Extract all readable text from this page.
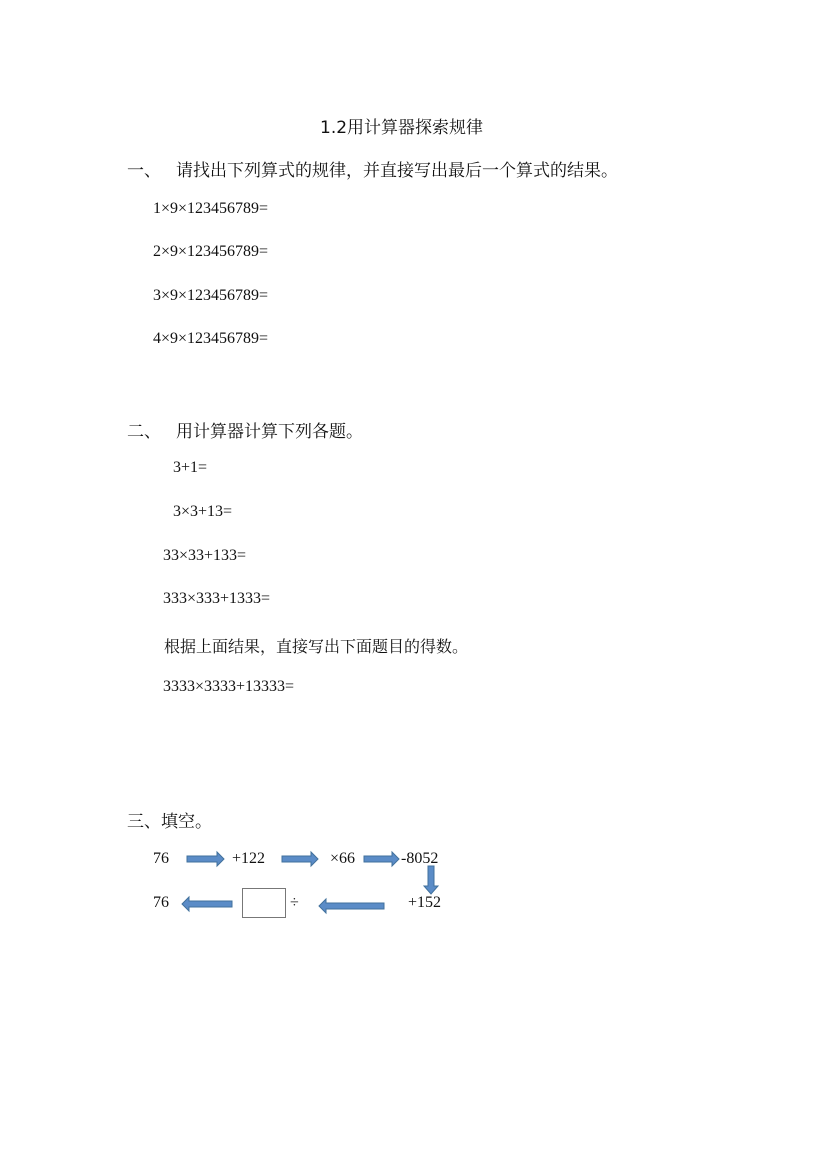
1.2用计算器探索规律
一、 请找出下列算式的规律，并直接写出最后一个算式的结果。
1×9×123456789=
2×9×123456789=
3×9×123456789=
4×9×123456789=
二、 用计算器计算下列各题。
3+1=
3×3+13=
33×33+133=
333×333+1333=
根据上面结果，直接写出下面题目的得数。
3333×3333+13333=
三、填空。
76	+122	×66	-8052
76	÷	+152
